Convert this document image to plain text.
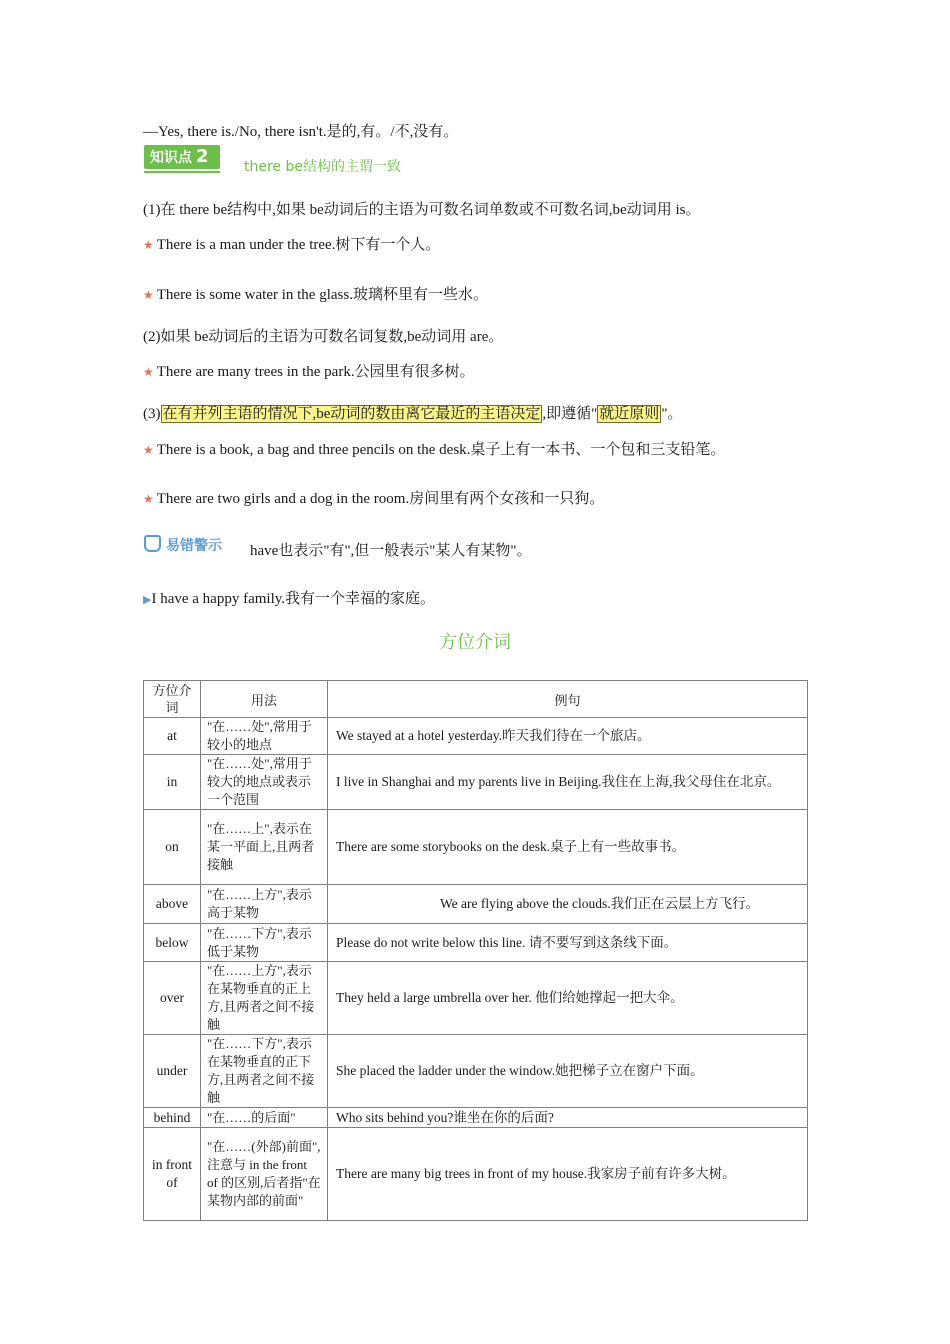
—Yes, there is./No, there isn't.是的,有。/不,没有。
知识点 2	there be结构的主谓一致
(1)在 there be结构中,如果 be动词后的主语为可数名词单数或不可数名词,be动词用 is。
★ There is a man under the tree.树下有一个人。
★ There is some water in the glass.玻璃杯里有一些水。
(2)如果 be动词后的主语为可数名词复数,be动词用 are。
★ There are many trees in the park.公园里有很多树。
(3) 在有并列主语的情况下,be动词的数由离它最近的主语决定 ,即遵循" 就近原则 "。
★ There is a book, a bag and three pencils on the desk.桌子上有一本书、一个包和三支铅笔。
★ There are two girls and a dog in the room.房间里有两个女孩和一只狗。
易错警示 have也表示"有",但一般表示"某人有某物"。
▶I have a happy family.我有一个幸福的家庭。
方位介词
方位介词	用法	例句
at	"在……处",常用于较小的地点	We stayed at a hotel yesterday.昨天我们待在一个旅店。
in	"在……处",常用于较大的地点或表示一个范围	I live in Shanghai and my parents live in Beijing.我住在上海,我父母住在北京。
on	"在……上",表示在某一平面上,且两者接触	There are some storybooks on the desk.桌子上有一些故事书。
above	"在……上方",表示高于某物	We are flying above the clouds.我们正在云层上方飞行。
below	"在……下方",表示低于某物	Please do not write below this line. 请不要写到这条线下面。
over	"在……上方",表示在某物垂直的正上方,且两者之间不接触	They held a large umbrella over her. 他们给她撑起一把大伞。
under	"在……下方",表示在某物垂直的正下方,且两者之间不接触	She placed the ladder under the window.她把梯子立在窗户下面。
behind	"在……的后面"	Who sits behind you?谁坐在你的后面?
in front of	"在……(外部)前面",注意与 in the front of 的区别,后者指"在某物内部的前面"	There are many big trees in front of my house.我家房子前有许多大树。
